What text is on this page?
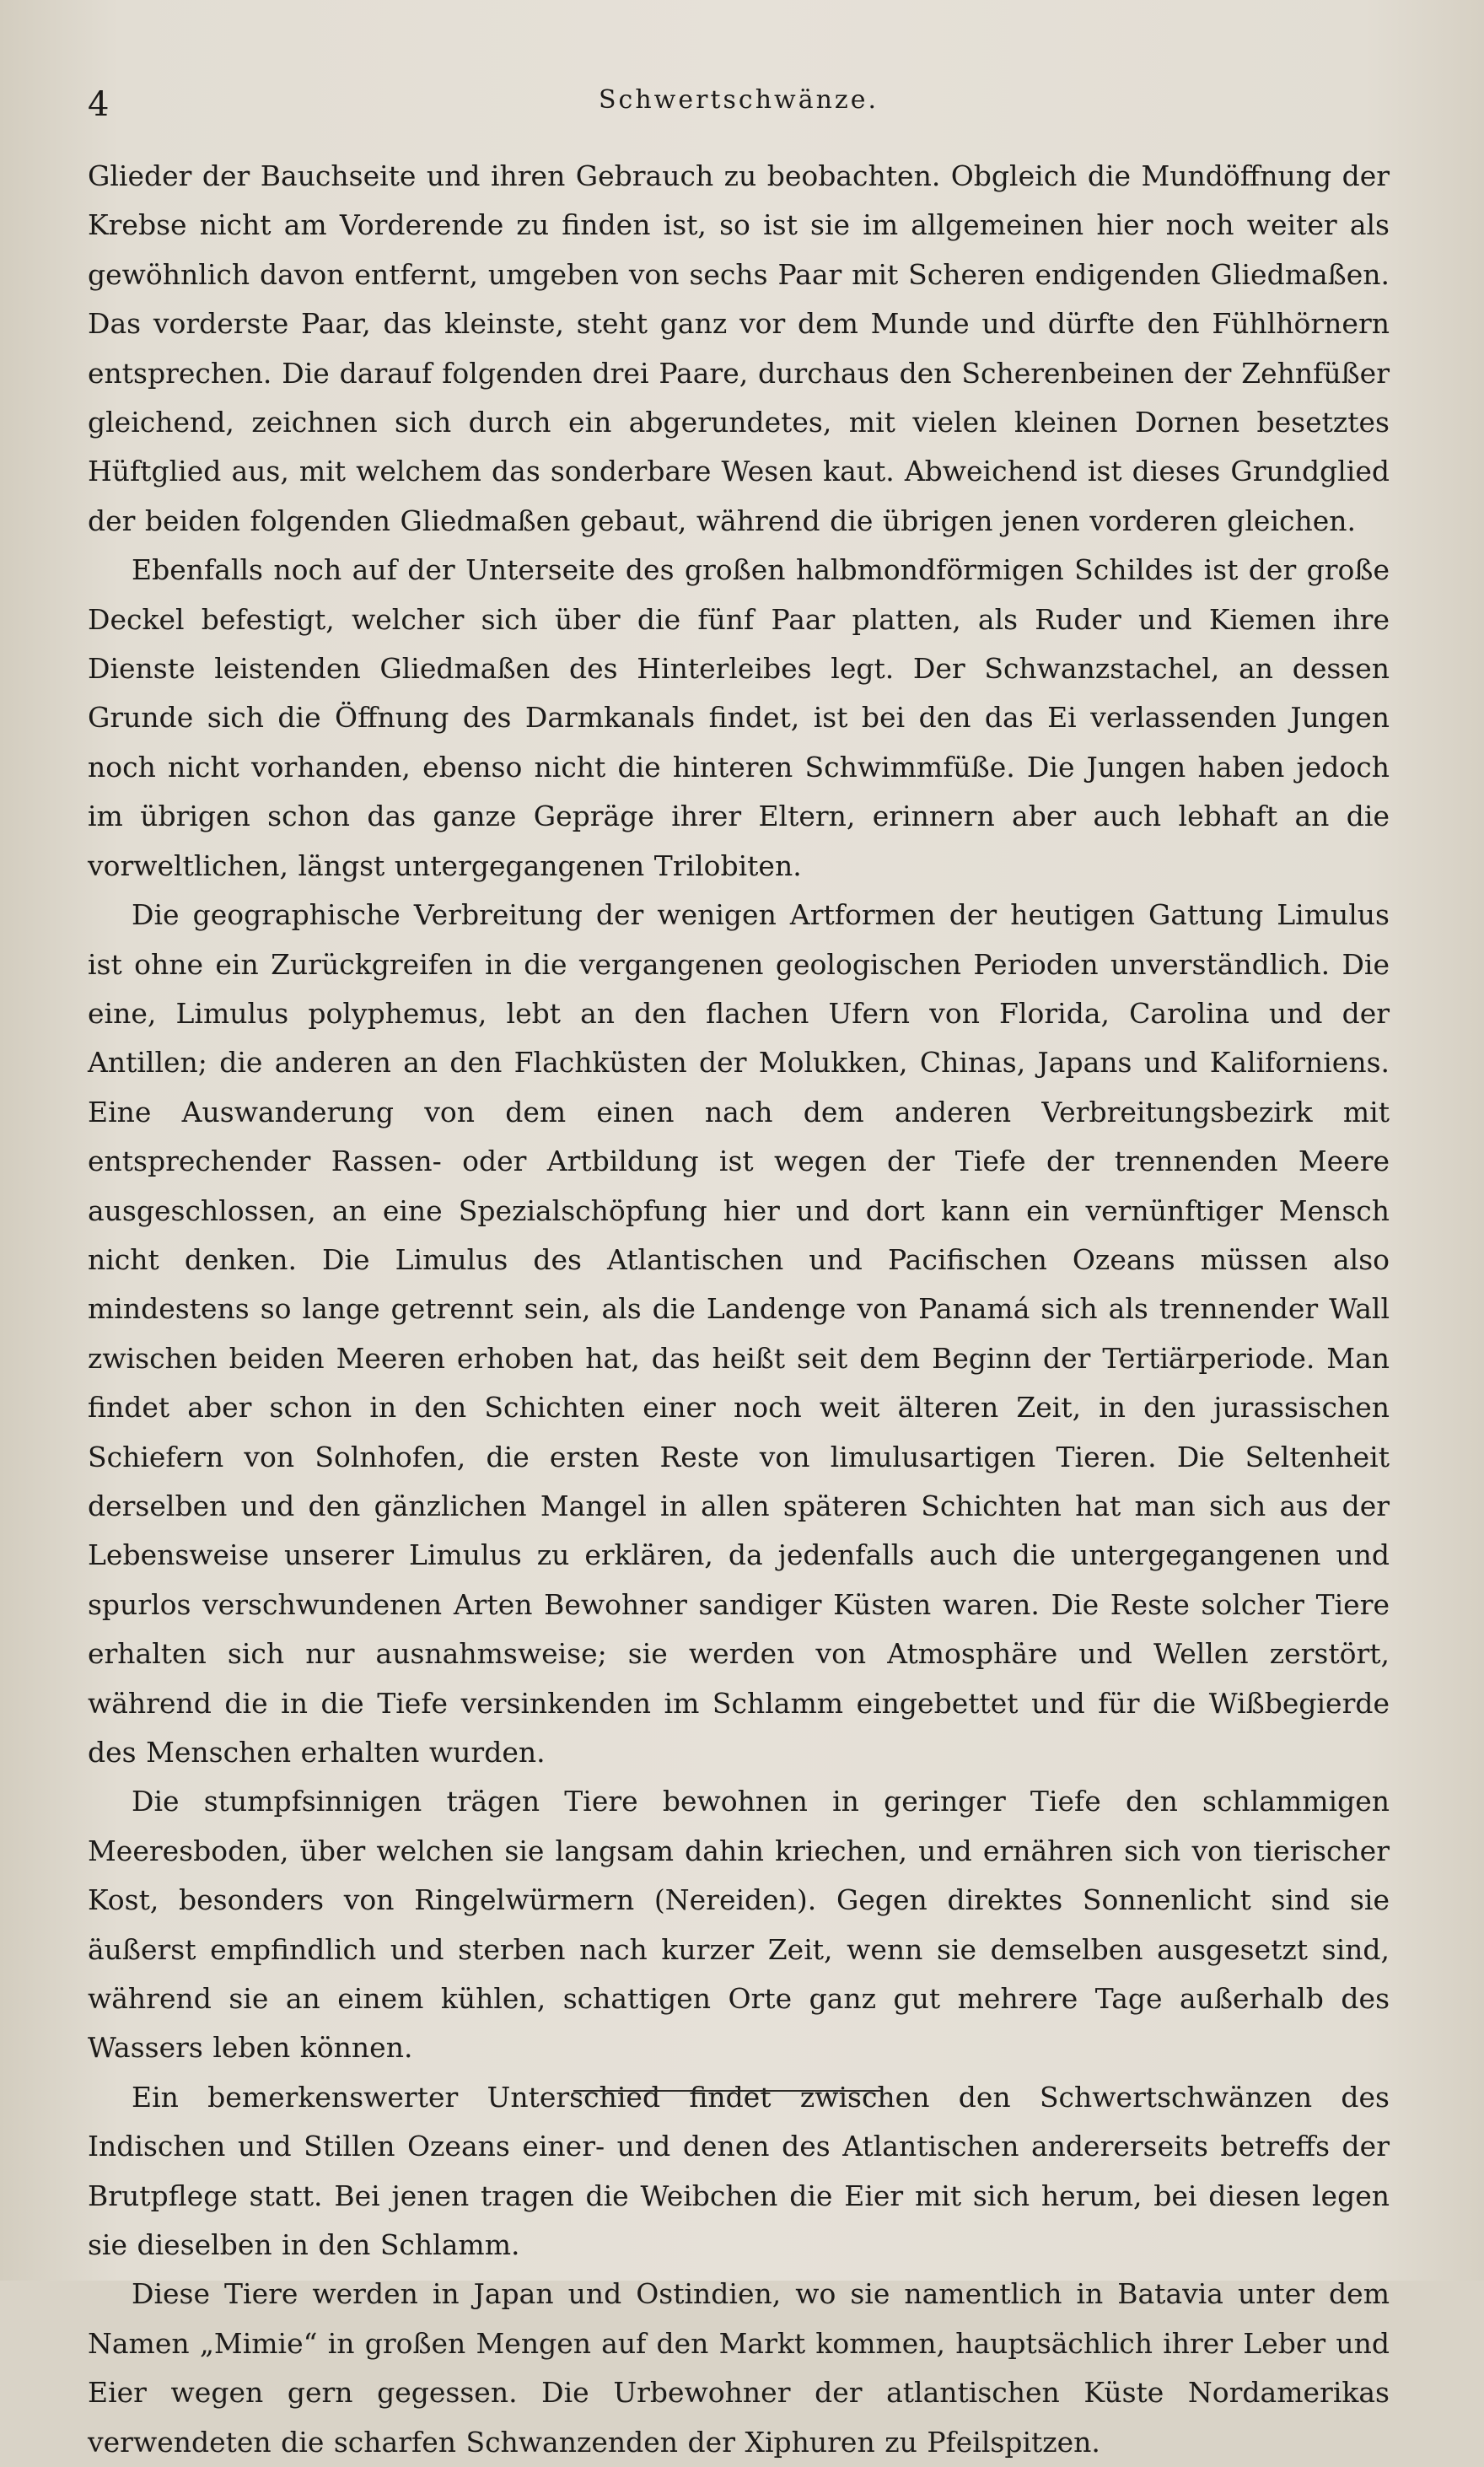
4	Schwertschwänze.

Glieder der Bauchseite und ihren Gebrauch zu beobachten. Obgleich die Mundöffnung der Krebse nicht am Vorderende zu finden ist, so ist sie im allgemeinen hier noch weiter als gewöhnlich davon entfernt, umgeben von sechs Paar mit Scheren endigenden Gliedmaßen. Das vorderste Paar, das kleinste, steht ganz vor dem Munde und dürfte den Fühlhörnern entsprechen. Die darauf folgenden drei Paare, durchaus den Scherenbeinen der Zehnfüßer gleichend, zeichnen sich durch ein abgerundetes, mit vielen kleinen Dornen besetztes Hüftglied aus, mit welchem das sonderbare Wesen kaut. Abweichend ist dieses Grundglied der beiden folgenden Gliedmaßen gebaut, während die übrigen jenen vorderen gleichen.

Ebenfalls noch auf der Unterseite des großen halbmondförmigen Schildes ist der große Deckel befestigt, welcher sich über die fünf Paar platten, als Ruder und Kiemen ihre Dienste leistenden Gliedmaßen des Hinterleibes legt. Der Schwanzstachel, an dessen Grunde sich die Öffnung des Darmkanals findet, ist bei den das Ei verlassenden Jungen noch nicht vorhanden, ebenso nicht die hinteren Schwimmfüße. Die Jungen haben jedoch im übrigen schon das ganze Gepräge ihrer Eltern, erinnern aber auch lebhaft an die vorweltlichen, längst untergegangenen Trilobiten.

Die geographische Verbreitung der wenigen Artformen der heutigen Gattung Limulus ist ohne ein Zurückgreifen in die vergangenen geologischen Perioden unverständlich. Die eine, Limulus polyphemus, lebt an den flachen Ufern von Florida, Carolina und der Antillen; die anderen an den Flachküsten der Molukken, Chinas, Japans und Kaliforniens. Eine Auswanderung von dem einen nach dem anderen Verbreitungsbezirk mit entsprechender Rassen- oder Artbildung ist wegen der Tiefe der trennenden Meere ausgeschlossen, an eine Spezialschöpfung hier und dort kann ein vernünftiger Mensch nicht denken. Die Limulus des Atlantischen und Pacifischen Ozeans müssen also mindestens so lange getrennt sein, als die Landenge von Panamá sich als trennender Wall zwischen beiden Meeren erhoben hat, das heißt seit dem Beginn der Tertiärperiode. Man findet aber schon in den Schichten einer noch weit älteren Zeit, in den jurassischen Schiefern von Solnhofen, die ersten Reste von limulusartigen Tieren. Die Seltenheit derselben und den gänzlichen Mangel in allen späteren Schichten hat man sich aus der Lebensweise unserer Limulus zu erklären, da jedenfalls auch die untergegangenen und spurlos verschwundenen Arten Bewohner sandiger Küsten waren. Die Reste solcher Tiere erhalten sich nur ausnahmsweise; sie werden von Atmosphäre und Wellen zerstört, während die in die Tiefe versinkenden im Schlamm eingebettet und für die Wißbegierde des Menschen erhalten wurden.

Die stumpfsinnigen trägen Tiere bewohnen in geringer Tiefe den schlammigen Meeresboden, über welchen sie langsam dahin kriechen, und ernähren sich von tierischer Kost, besonders von Ringelwürmern (Nereiden). Gegen direktes Sonnenlicht sind sie äußerst empfindlich und sterben nach kurzer Zeit, wenn sie demselben ausgesetzt sind, während sie an einem kühlen, schattigen Orte ganz gut mehrere Tage außerhalb des Wassers leben können.

Ein bemerkenswerter Unterschied findet zwischen den Schwertschwänzen des Indischen und Stillen Ozeans einer- und denen des Atlantischen andererseits betreffs der Brutpflege statt. Bei jenen tragen die Weibchen die Eier mit sich herum, bei diesen legen sie dieselben in den Schlamm.

Diese Tiere werden in Japan und Ostindien, wo sie namentlich in Batavia unter dem Namen „Mimie“ in großen Mengen auf den Markt kommen, hauptsächlich ihrer Leber und Eier wegen gern gegessen. Die Urbewohner der atlantischen Küste Nordamerikas verwendeten die scharfen Schwanzenden der Xiphuren zu Pfeilspitzen.
